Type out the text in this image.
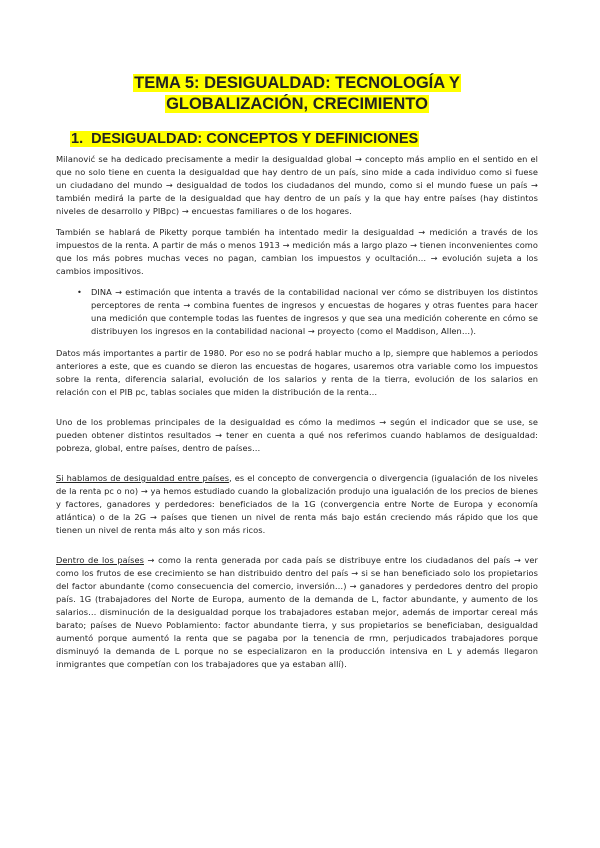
TEMA 5: DESIGUALDAD: TECNOLOGÍA Y
GLOBALIZACIÓN, CRECIMIENTO
1. DESIGUALDAD: CONCEPTOS Y DEFINICIONES

Milanović se ha dedicado precisamente a medir la desigualdad global → concepto más amplio en el sentido en el que no solo tiene en cuenta la desigualdad que hay dentro de un país, sino mide a cada individuo como si fuese un ciudadano del mundo → desigualdad de todos los ciudadanos del mundo, como si el mundo fuese un país → también medirá la parte de la desigualdad que hay dentro de un país y la que hay entre países (hay distintos niveles de desarrollo y PIBpc) → encuestas familiares o de los hogares.

También se hablará de Piketty porque también ha intentado medir la desigualdad → medición a través de los impuestos de la renta. A partir de más o menos 1913 → medición más a largo plazo → tienen inconvenientes como que los más pobres muchas veces no pagan, cambian los impuestos y ocultación… → evolución sujeta a los cambios impositivos.

• DINA → estimación que intenta a través de la contabilidad nacional ver cómo se distribuyen los distintos perceptores de renta → combina fuentes de ingresos y encuestas de hogares y otras fuentes para hacer una medición que contemple todas las fuentes de ingresos y que sea una medición coherente en cómo se distribuyen los ingresos en la contabilidad nacional → proyecto (como el Maddison, Allen…).

Datos más importantes a partir de 1980. Por eso no se podrá hablar mucho a lp, siempre que hablemos a periodos anteriores a este, que es cuando se dieron las encuestas de hogares, usaremos otra variable como los impuestos sobre la renta, diferencia salarial, evolución de los salarios y renta de la tierra, evolución de los salarios en relación con el PIB pc, tablas sociales que miden la distribución de la renta…

Uno de los problemas principales de la desigualdad es cómo la medimos → según el indicador que se use, se pueden obtener distintos resultados → tener en cuenta a qué nos referimos cuando hablamos de desigualdad: pobreza, global, entre países, dentro de países…

Si hablamos de desigualdad entre países, es el concepto de convergencia o divergencia (igualación de los niveles de la renta pc o no) → ya hemos estudiado cuando la globalización produjo una igualación de los precios de bienes y factores, ganadores y perdedores: beneficiados de la 1G (convergencia entre Norte de Europa y economía atlántica) o de la 2G → países que tienen un nivel de renta más bajo están creciendo más rápido que los que tienen un nivel de renta más alto y son más ricos.

Dentro de los países → como la renta generada por cada país se distribuye entre los ciudadanos del país → ver como los frutos de ese crecimiento se han distribuido dentro del país → si se han beneficiado solo los propietarios del factor abundante (como consecuencia del comercio, inversión…) → ganadores y perdedores dentro del propio país. 1G (trabajadores del Norte de Europa, aumento de la demanda de L, factor abundante, y aumento de los salarios… disminución de la desigualdad porque los trabajadores estaban mejor, además de importar cereal más barato; países de Nuevo Poblamiento: factor abundante tierra, y sus propietarios se beneficiaban, desigualdad aumentó porque aumentó la renta que se pagaba por la tenencia de rmn, perjudicados trabajadores porque disminuyó la demanda de L porque no se especializaron en la producción intensiva en L y además llegaron inmigrantes que competían con los trabajadores que ya estaban allí).
